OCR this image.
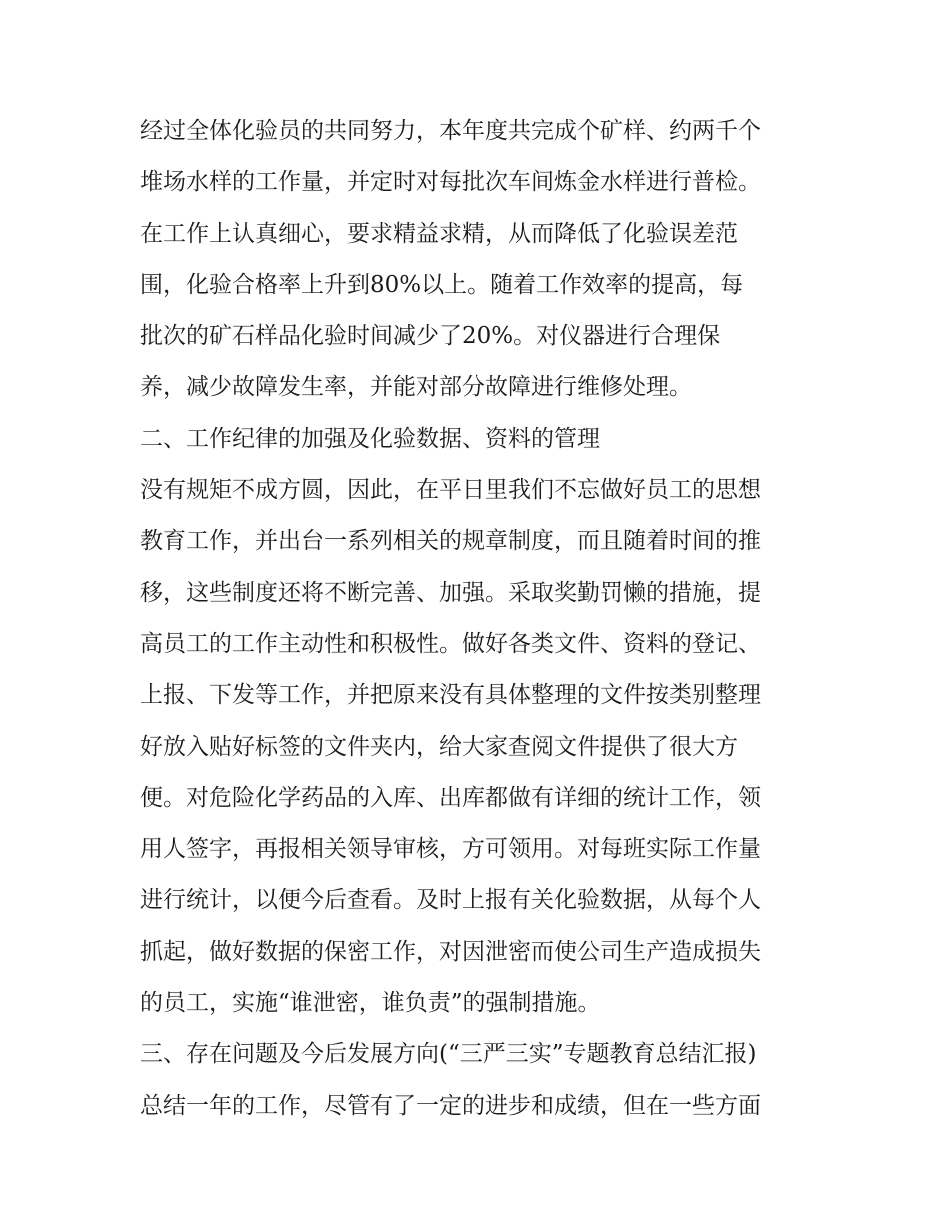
经过全体化验员的共同努力，本年度共完成个矿样、约两千个
堆场水样的工作量，并定时对每批次车间炼金水样进行普检。
在工作上认真细心，要求精益求精，从而降低了化验误差范
围，化验合格率上升到80%以上。随着工作效率的提高，每
批次的矿石样品化验时间减少了20%。对仪器进行合理保
养，减少故障发生率，并能对部分故障进行维修处理。
二、工作纪律的加强及化验数据、资料的管理
没有规矩不成方圆，因此，在平日里我们不忘做好员工的思想
教育工作，并出台一系列相关的规章制度，而且随着时间的推
移，这些制度还将不断完善、加强。采取奖勤罚懒的措施，提
高员工的工作主动性和积极性。做好各类文件、资料的登记、
上报、下发等工作，并把原来没有具体整理的文件按类别整理
好放入贴好标签的文件夹内，给大家查阅文件提供了很大方
便。对危险化学药品的入库、出库都做有详细的统计工作，领
用人签字，再报相关领导审核，方可领用。对每班实际工作量
进行统计，以便今后查看。及时上报有关化验数据，从每个人
抓起，做好数据的保密工作，对因泄密而使公司生产造成损失
的员工，实施“谁泄密，谁负责”的强制措施。
三、存在问题及今后发展方向(“三严三实”专题教育总结汇报)
总结一年的工作，尽管有了一定的进步和成绩，但在一些方面
